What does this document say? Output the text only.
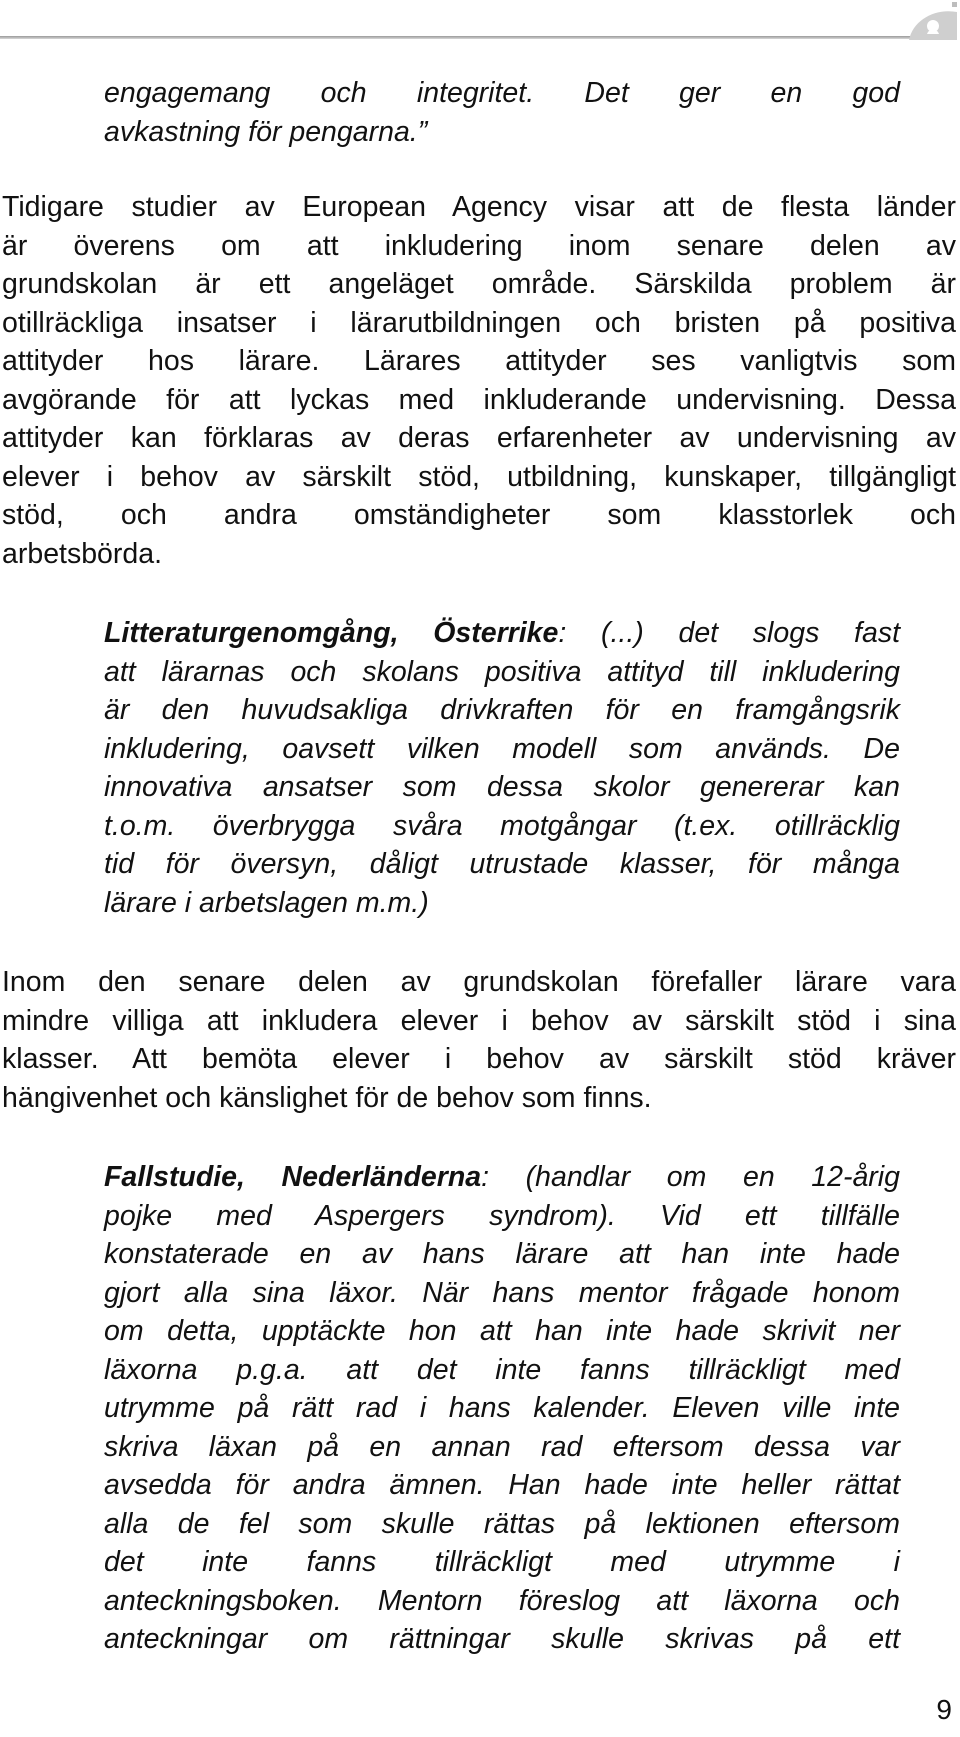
engagemang och integritet. Det ger en god
avkastning för pengarna.”

Tidigare studier av European Agency visar att de flesta länder
är överens om att inkludering inom senare delen av
grundskolan är ett angeläget område. Särskilda problem är
otillräckliga insatser i lärarutbildningen och bristen på positiva
attityder hos lärare. Lärares attityder ses vanligtvis som
avgörande för att lyckas med inkluderande undervisning. Dessa
attityder kan förklaras av deras erfarenheter av undervisning av
elever i behov av särskilt stöd, utbildning, kunskaper, tillgängligt
stöd, och andra omständigheter som klasstorlek och
arbetsbörda.

Litteraturgenomgång, Österrike: (...) det slogs fast
att lärarnas och skolans positiva attityd till inkludering
är den huvudsakliga drivkraften för en framgångsrik
inkludering, oavsett vilken modell som används. De
innovativa ansatser som dessa skolor genererar kan
t.o.m. överbrygga svåra motgångar (t.ex. otillräcklig
tid för översyn, dåligt utrustade klasser, för många
lärare i arbetslagen m.m.)

Inom den senare delen av grundskolan förefaller lärare vara
mindre villiga att inkludera elever i behov av särskilt stöd i sina
klasser. Att bemöta elever i behov av särskilt stöd kräver
hängivenhet och känslighet för de behov som finns.

Fallstudie, Nederländerna: (handlar om en 12-årig
pojke med Aspergers syndrom). Vid ett tillfälle
konstaterade en av hans lärare att han inte hade
gjort alla sina läxor. När hans mentor frågade honom
om detta, upptäckte hon att han inte hade skrivit ner
läxorna p.g.a. att det inte fanns tillräckligt med
utrymme på rätt rad i hans kalender. Eleven ville inte
skriva läxan på en annan rad eftersom dessa var
avsedda för andra ämnen. Han hade inte heller rättat
alla de fel som skulle rättas på lektionen eftersom
det inte fanns tillräckligt med utrymme i
anteckningsboken. Mentorn föreslog att läxorna och
anteckningar om rättningar skulle skrivas på ett

9
